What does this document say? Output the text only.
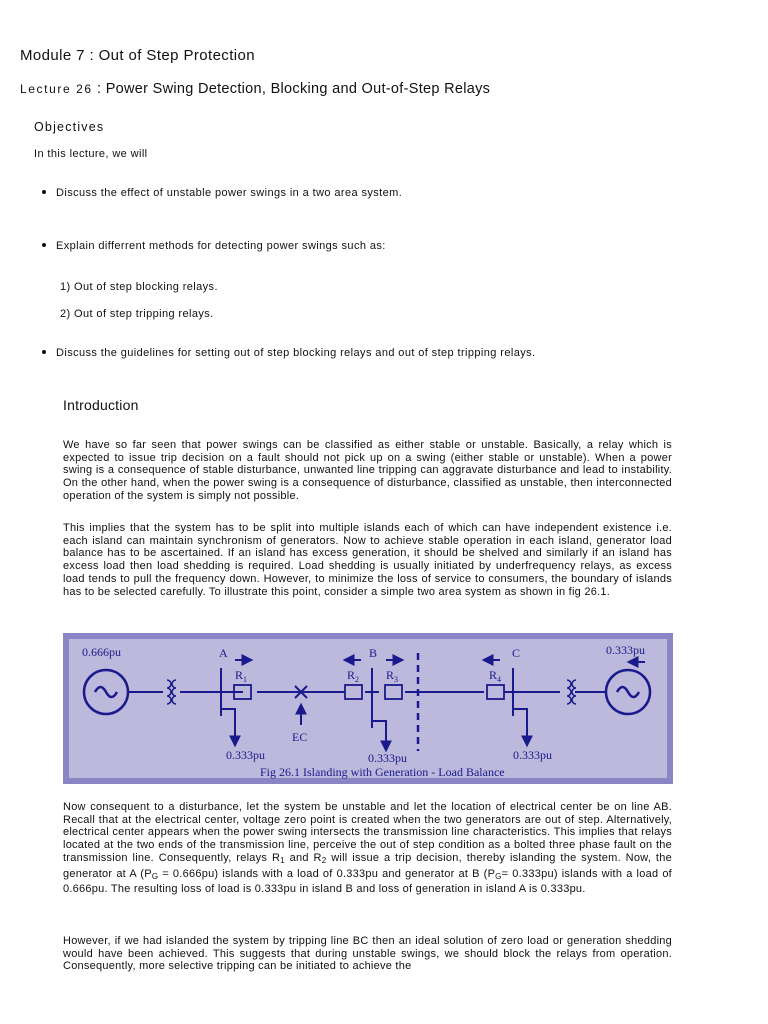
Module 7 : Out of Step Protection
Lecture 26 : Power Swing Detection, Blocking and Out-of-Step Relays
Objectives
In this lecture, we will
Discuss the effect of unstable power swings in a two area system.
Explain differrent methods for detecting power swings such as:
1) Out of step blocking relays.
2) Out of step tripping relays.
Discuss the guidelines for setting out of step blocking relays and out of step tripping relays.
Introduction

We have so far seen that power swings can be classified as either stable or unstable. Basically, a relay which is expected to issue trip decision on a fault should not pick up on a swing (either stable or unstable). When a power swing is a consequence of stable disturbance, unwanted line tripping can aggravate disturbance and lead to instability. On the other hand, when the power swing is a consequence of disturbance, classified as unstable, then interconnected operation of the system is simply not possible.

This implies that the system has to be split into multiple islands each of which can have independent existence i.e. each island can maintain synchronism of generators. Now to achieve stable operation in each island, generator load balance has to be ascertained. If an island has excess generation, it should be shelved and similarly if an island has excess load then load shedding is required. Load shedding is usually initiated by underfrequency relays, as excess load tends to pull the frequency down. However, to minimize the loss of service to consumers, the boundary of islands has to be selected carefully. To illustrate this point, consider a simple two area system as shown in fig 26.1.

0.666pu	0.333pu
A	B	C
$R_1$	$R_2$ $R_3$	$R_4$
EC
0.333pu	0.333pu	0.333pu
Fig 26.1 Islanding with Generation - Load Balance

Now consequent to a disturbance, let the system be unstable and let the location of electrical center be on line AB. Recall that at the electrical center, voltage zero point is created when the two generators are out of step. Alternatively, electrical center appears when the power swing intersects the transmission line characteristics. This implies that relays located at the two ends of the transmission line, perceive the out of step condition as a bolted three phase fault on the transmission line. Consequently, relays $R_1$ and $R_2$ will issue a trip decision, thereby islanding the system. Now, the generator at A $(P_G = 0.666pu)$ islands with a load of 0.333pu and generator at B $(P_G= 0.333pu)$ islands with a load of 0.666pu. The resulting loss of load is 0.333pu in island B and loss of generation in island A is 0.333pu.

However, if we had islanded the system by tripping line BC then an ideal solution of zero load or generation shedding would have been achieved. This suggests that during unstable swings, we should block the relays from operation. Consequently, more selective tripping can be initiated to achieve the
